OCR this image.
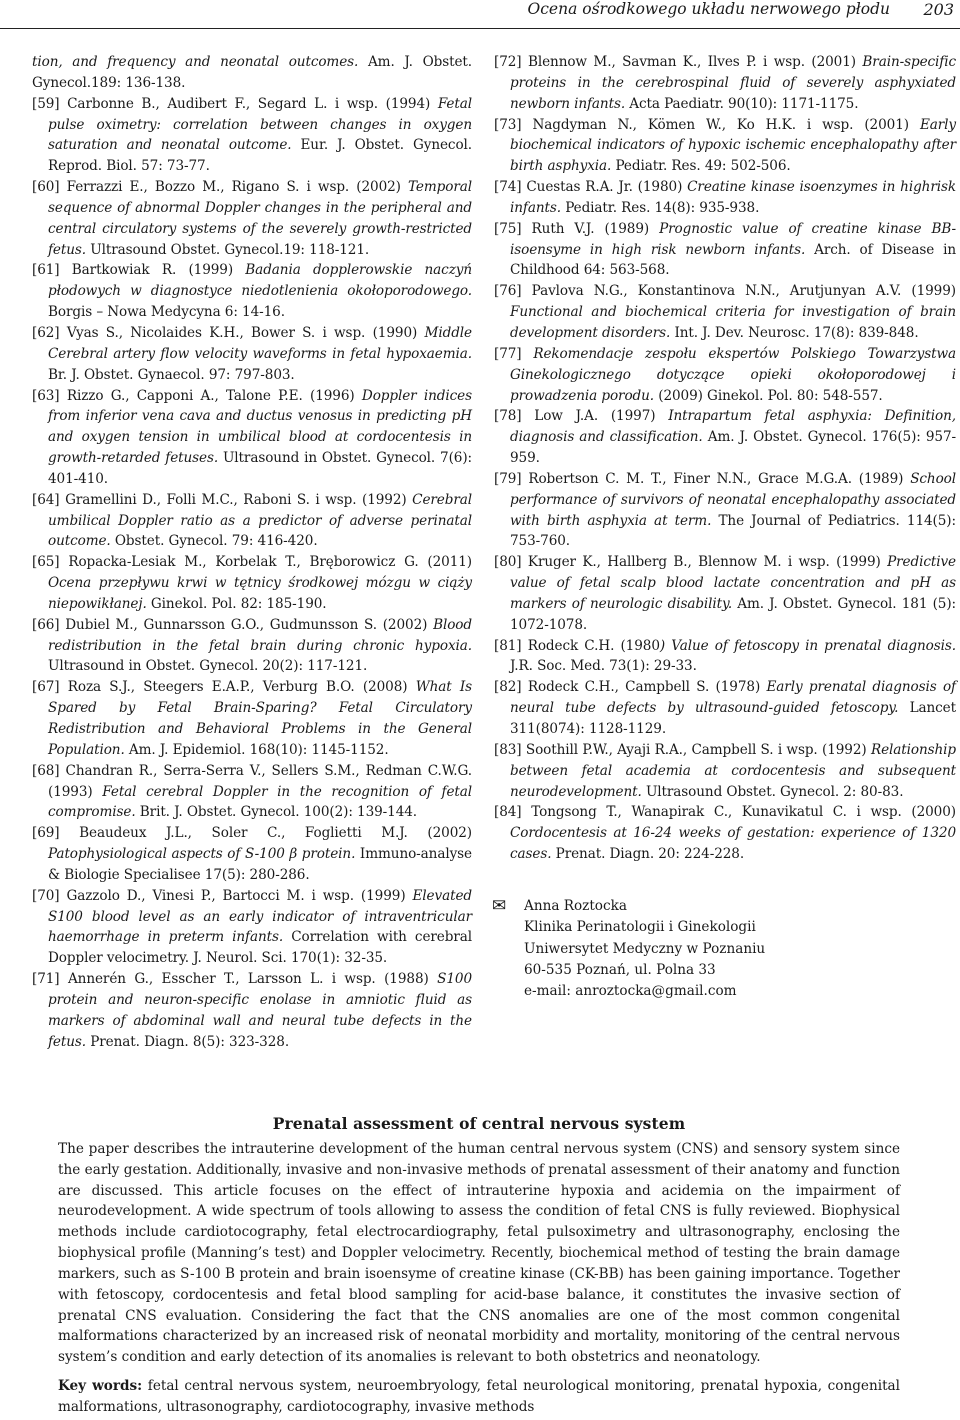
Ocena ośrodkowego układu nerwowego płodu 203

tion, and frequency and neonatal outcomes. Am. J. Obstet. Gynecol.189: 136-138.

[59] Carbonne B., Audibert F., Segard L. i wsp. (1994) Fetal pulse oximetry: correlation between changes in oxygen saturation and neonatal outcome. Eur. J. Obstet. Gynecol. Reprod. Biol. 57: 73-77.

[60] Ferrazzi E., Bozzo M., Rigano S. i wsp. (2002) Temporal sequence of abnormal Doppler changes in the peripheral and central circulatory systems of the severely growth-restricted fetus. Ultrasound Obstet. Gynecol.19: 118-121.

[61] Bartkowiak R. (1999) Badania dopplerowskie naczyń płodowych w diagnostyce niedotlenienia okołoporodowego. Borgis – Nowa Medycyna 6: 14-16.

[62] Vyas S., Nicolaides K.H., Bower S. i wsp. (1990) Middle Cerebral artery flow velocity waveforms in fetal hypoxaemia. Br. J. Obstet. Gynaecol. 97: 797-803.

[63] Rizzo G., Capponi A., Talone P.E. (1996) Doppler indices from inferior vena cava and ductus venosus in predicting pH and oxygen tension in umbilical blood at cordocentesis in growth-retarded fetuses. Ultrasound in Obstet. Gynecol. 7(6): 401-410.

[64] Gramellini D., Folli M.C., Raboni S. i wsp. (1992) Cerebral umbilical Doppler ratio as a predictor of adverse perinatal outcome. Obstet. Gynecol. 79: 416-420.

[65] Ropacka-Lesiak M., Korbelak T., Bręborowicz G. (2011) Ocena przepływu krwi w tętnicy środkowej mózgu w ciąży niepowikłanej. Ginekol. Pol. 82: 185-190.

[66] Dubiel M., Gunnarsson G.O., Gudmunsson S. (2002) Blood redistribution in the fetal brain during chronic hypoxia. Ultrasound in Obstet. Gynecol. 20(2): 117-121.

[67] Roza S.J., Steegers E.A.P., Verburg B.O. (2008) What Is Spared by Fetal Brain-Sparing? Fetal Circulatory Redistribution and Behavioral Problems in the General Population. Am. J. Epidemiol. 168(10): 1145-1152.

[68] Chandran R., Serra-Serra V., Sellers S.M., Redman C.W.G. (1993) Fetal cerebral Doppler in the recognition of fetal compromise. Brit. J. Obstet. Gynecol. 100(2): 139-144.

[69] Beaudeux J.L., Soler C., Foglietti M.J. (2002) Patophysiological aspects of S-100 β protein. Immuno-analyse & Biologie Specialisee 17(5): 280-286.

[70] Gazzolo D., Vinesi P., Bartocci M. i wsp. (1999) Elevated S100 blood level as an early indicator of intraventricular haemorrhage in preterm infants. Correlation with cerebral Doppler velocimetry. J. Neurol. Sci. 170(1): 32-35.

[71] Annerén G., Esscher T., Larsson L. i wsp. (1988) S100 protein and neuron-specific enolase in amniotic fluid as markers of abdominal wall and neural tube defects in the fetus. Prenat. Diagn. 8(5): 323-328.

[72] Blennow M., Savman K., Ilves P. i wsp. (2001) Brain-specific proteins in the cerebrospinal fluid of severely asphyxiated newborn infants. Acta Paediatr. 90(10): 1171-1175.

[73] Nagdyman N., Kömen W., Ko H.K. i wsp. (2001) Early biochemical indicators of hypoxic ischemic encephalopathy after birth asphyxia. Pediatr. Res. 49: 502-506.

[74] Cuestas R.A. Jr. (1980) Creatine kinase isoenzymes in highrisk infants. Pediatr. Res. 14(8): 935-938.

[75] Ruth V.J. (1989) Prognostic value of creatine kinase BB- isoensyme in high risk newborn infants. Arch. of Disease in Childhood 64: 563-568.

[76] Pavlova N.G., Konstantinova N.N., Arutjunyan A.V. (1999) Functional and biochemical criteria for investigation of brain development disorders. Int. J. Dev. Neurosc. 17(8): 839-848.

[77] Rekomendacje zespołu ekspertów Polskiego Towarzystwa Ginekologicznego dotyczące opieki okołoporodowej i prowadzenia porodu. (2009) Ginekol. Pol. 80: 548-557.

[78] Low J.A. (1997) Intrapartum fetal asphyxia: Definition, diagnosis and classification. Am. J. Obstet. Gynecol. 176(5): 957-959.

[79] Robertson C. M. T., Finer N.N., Grace M.G.A. (1989) School performance of survivors of neonatal encephalopathy associated with birth asphyxia at term. The Journal of Pediatrics. 114(5): 753-760.

[80] Kruger K., Hallberg B., Blennow M. i wsp. (1999) Predictive value of fetal scalp blood lactate concentration and pH as markers of neurologic disability. Am. J. Obstet. Gynecol. 181 (5): 1072-1078.

[81] Rodeck C.H. (1980) Value of fetoscopy in prenatal diagnosis. J.R. Soc. Med. 73(1): 29-33.

[82] Rodeck C.H., Campbell S. (1978) Early prenatal diagnosis of neural tube defects by ultrasound-guided fetoscopy. Lancet 311(8074): 1128-1129.

[83] Soothill P.W., Ayaji R.A., Campbell S. i wsp. (1992) Relationship between fetal academia at cordocentesis and subsequent neurodevelopment. Ultrasound Obstet. Gynecol. 2: 80-83.

[84] Tongsong T., Wanapirak C., Kunavikatul C. i wsp. (2000) Cordocentesis at 16-24 weeks of gestation: experience of 1320 cases. Prenat. Diagn. 20: 224-228.

✉ Anna Roztocka
Klinika Perinatologii i Ginekologii
Uniwersytet Medyczny w Poznaniu
60-535 Poznań, ul. Polna 33
e-mail: anroztocka@gmail.com
Prenatal assessment of central nervous system

The paper describes the intrauterine development of the human central nervous system (CNS) and sensory system since the early gestation. Additionally, invasive and non-invasive methods of prenatal assessment of their anatomy and function are discussed. This article focuses on the effect of intrauterine hypoxia and acidemia on the impairment of neurodevelopment. A wide spectrum of tools allowing to assess the condition of fetal CNS is fully reviewed. Biophysical methods include cardiotocography, fetal electrocardiography, fetal pulsoximetry and ultrasonography, enclosing the biophysical profile (Manning’s test) and Doppler velocimetry. Recently, biochemical method of testing the brain damage markers, such as S-100 B protein and brain isoensyme of creatine kinase (CK-BB) has been gaining importance. Together with fetoscopy, cordocentesis and fetal blood sampling for acid-base balance, it constitutes the invasive section of prenatal CNS evaluation. Considering the fact that the CNS anomalies are one of the most common congenital malformations characterized by an increased risk of neonatal morbidity and mortality, monitoring of the central nervous system’s condition and early detection of its anomalies is relevant to both obstetrics and neonatology.

Key words: fetal central nervous system, neuroembryology, fetal neurological monitoring, prenatal hypoxia, congenital malformations, ultrasonography, cardiotocography, invasive methods
